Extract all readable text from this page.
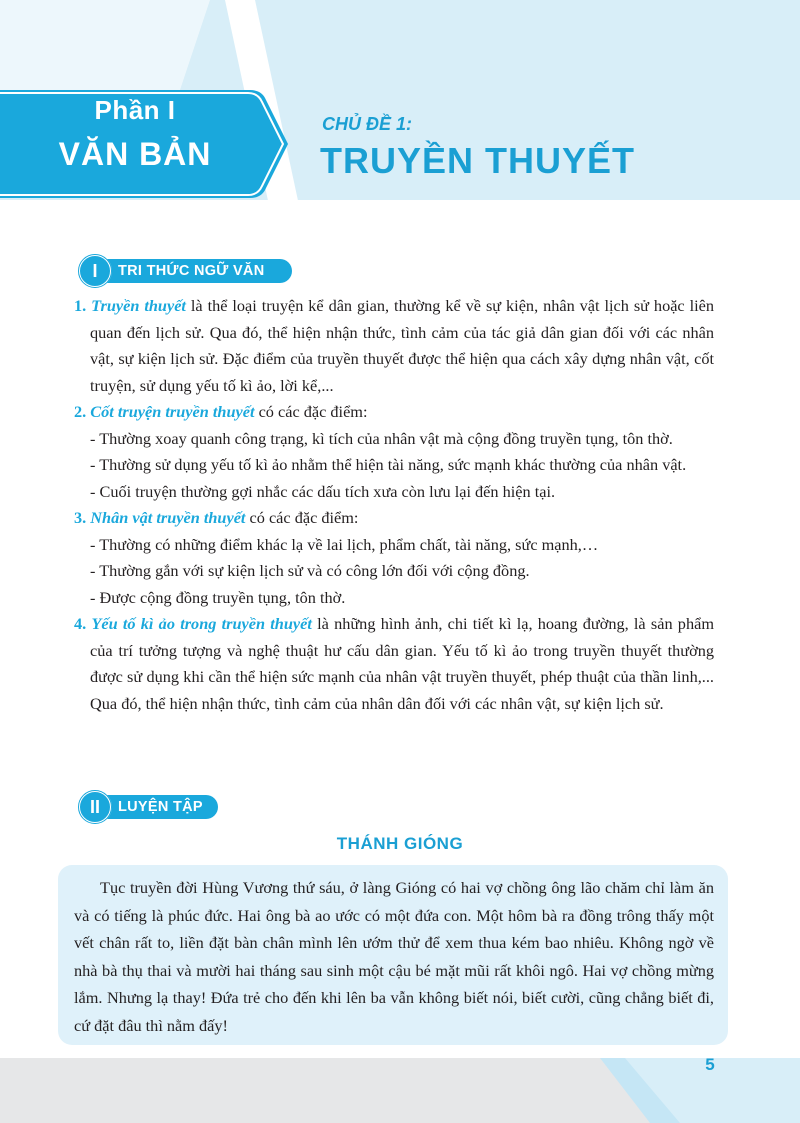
Phần I
VĂN BẢN
CHỦ ĐỀ 1:
TRUYỀN THUYẾT
I	TRI THỨC NGỮ VĂN

1. Truyền thuyết là thể loại truyện kể dân gian, thường kể về sự kiện, nhân vật lịch sử hoặc liên quan đến lịch sử. Qua đó, thể hiện nhận thức, tình cảm của tác giả dân gian đối với các nhân vật, sự kiện lịch sử. Đặc điểm của truyền thuyết được thể hiện qua cách xây dựng nhân vật, cốt truyện, sử dụng yếu tố kì ảo, lời kể,...

2. Cốt truyện truyền thuyết có các đặc điểm:

- Thường xoay quanh công trạng, kì tích của nhân vật mà cộng đồng truyền tụng, tôn thờ.

- Thường sử dụng yếu tố kì ảo nhằm thể hiện tài năng, sức mạnh khác thường của nhân vật.

- Cuối truyện thường gợi nhắc các dấu tích xưa còn lưu lại đến hiện tại.

3. Nhân vật truyền thuyết có các đặc điểm:

- Thường có những điểm khác lạ về lai lịch, phẩm chất, tài năng, sức mạnh,…

- Thường gắn với sự kiện lịch sử và có công lớn đối với cộng đồng.

- Được cộng đồng truyền tụng, tôn thờ.

4. Yếu tố kì ảo trong truyền thuyết là những hình ảnh, chi tiết kì lạ, hoang đường, là sản phẩm của trí tưởng tượng và nghệ thuật hư cấu dân gian. Yếu tố kì ảo trong truyền thuyết thường được sử dụng khi cần thể hiện sức mạnh của nhân vật truyền thuyết, phép thuật của thần linh,... Qua đó, thể hiện nhận thức, tình cảm của nhân dân đối với các nhân vật, sự kiện lịch sử.

II	LUYỆN TẬP
THÁNH GIÓNG

Tục truyền đời Hùng Vương thứ sáu, ở làng Gióng có hai vợ chồng ông lão chăm chỉ làm ăn và có tiếng là phúc đức. Hai ông bà ao ước có một đứa con. Một hôm bà ra đồng trông thấy một vết chân rất to, liền đặt bàn chân mình lên ướm thử để xem thua kém bao nhiêu. Không ngờ về nhà bà thụ thai và mười hai tháng sau sinh một cậu bé mặt mũi rất khôi ngô. Hai vợ chồng mừng lắm. Nhưng lạ thay! Đứa trẻ cho đến khi lên ba vẫn không biết nói, biết cười, cũng chẳng biết đi, cứ đặt đâu thì nằm đấy!

5
